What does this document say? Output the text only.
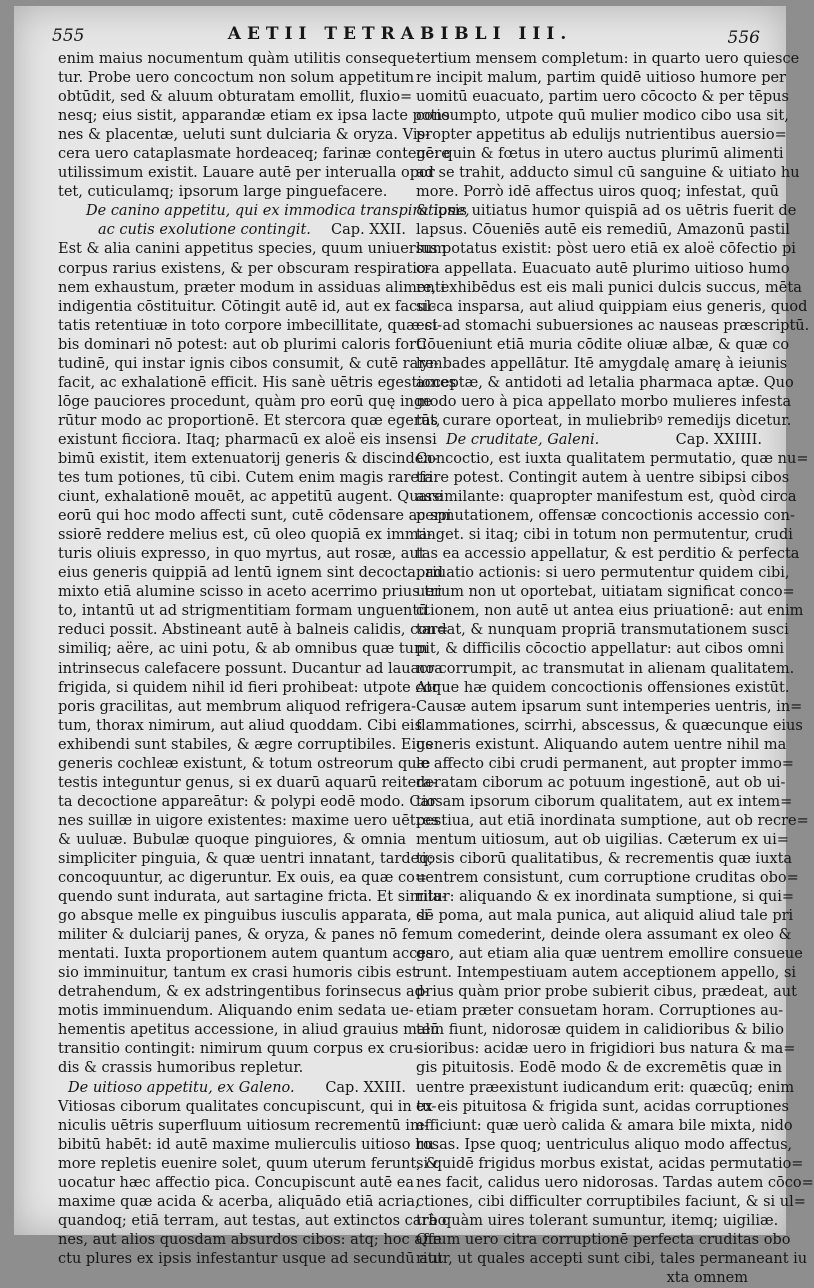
555	AETII TETRABIBLI III.	556
enim maius nocumentum quàm utilitis conseque-
tur. Probe uero concoctum non solum appetitum
obtūdit, sed & aluum obturatam emollit, fluxio=
nesq; eius sistit, apparandæ etiam ex ipsa lacte potio
nes & placentæ, ueluti sunt dulciaria & oryza. Vis-
cera uero cataplasmate hordeaceq; farinæ contegere
utilissimum existit. Lauare autē per interualla opor
tet, cuticulamq; ipsorum large pinguefacere.
De canino appetitu, qui ex immodica transpiratione,
ac cutis exolutione contingit. Cap. XXII.
Est & alia canini appetitus species, quum uniuersum
corpus rarius existens, & per obscuram respiratio-
nem exhaustum, præter modum in assiduas alimenti
indigentia cōstituitur. Cōtingit autē id, aut ex facul-
tatis retentiuæ in toto corpore imbecillitate, quæ ci-
bis dominari nō potest: aut ob plurimi caloris forti
tudinē, qui instar ignis cibos consumit, & cutē rare-
facit, ac exhalationē efficit. His sanè uētris egestiones
lōge pauciores procedunt, quàm pro eorū quę inge
rūtur modo ac proportionē. Et stercora quæ egerūt,
existunt ficciora. Itaq; pharmacū ex aloë eis insensi
bimū existit, item extenuatorij generis & discinden-
tes tum potiones, tū cibi. Cutem enim magis rarefa
ciunt, exhalationē mouēt, ac appetitū augent. Quare
eorū qui hoc modo affecti sunt, cutē cōdensare ac spi
ssiorē reddere melius est, cū oleo quopiā ex imma-
turis oliuis expresso, in quo myrtus, aut rosæ, aut
eius generis quippiā ad lentū ignem sint decocta, ad
mixto etiā alumine scisso in aceto acerrimo prius tri
to, intantū ut ad strigmentitiam formam unguentū
reduci possit. Abstineant autē à balneis calidis, con=
similiq; aëre, ac uini potu, & ab omnibus quæ tum
intrinsecus calefacere possunt. Ducantur ad lauacra
frigida, si quidem nihil id fieri prohibeat: utpote cor
poris gracilitas, aut membrum aliquod refrigera-
tum, thorax nimirum, aut aliud quoddam. Cibi eis
exhibendi sunt stabiles, & ægre corruptibiles. Eius
generis cochleæ existunt, & totum ostreorum quæ
testis integuntur genus, si ex duarū aquarū reitera-
ta decoctione appareātur: & polypi eodē modo. Car
nes suillæ in uigore existentes: maxime uero uētres
& uuluæ. Bubulæ quoque pinguiores, & omnia
simpliciter pinguia, & quæ uentri innatant, tardeq;
concoquuntur, ac digeruntur. Ex ouis, ea quæ co=
quendo sunt indurata, aut sartagine fricta. Et simila-
go absque melle ex pinguibus iusculis apparata, si-
militer & dulciarij panes, & oryza, & panes nō fer
mentati. Iuxta proportionem autem quantum acces
sio imminuitur, tantum ex crasi humoris cibis est
detrahendum, & ex adstringentibus forinsecus ad-
motis imminuendum. Aliquando enim sedata ue-
hementis apetitus accessione, in aliud grauius malū
transitio contingit: nimirum quum corpus ex cru-
dis & crassis humoribus repletur.
De uitioso appetitu, ex Galeno. Cap. XXIII.
Vitiosas ciborum qualitates concupiscunt, qui in tu-
niculis uētris superfluum uitiosum recrementū im-
bibitū habēt: id autē maxime mulierculis uitioso hu
more repletis euenire solet, quum uterum ferunt, &
uocatur hæc affectio pica. Concupiscunt autē ea
maxime quæ acida & acerba, aliquādo etiā acria,
quandoq; etiā terram, aut testas, aut extinctos carbo
nes, aut alios quosdam absurdos cibos: atq; hoc affe
ctu plures ex ipsis infestantur usque ad secundū aut
tertium mensem completum: in quarto uero quiesce
re incipit malum, partim quidē uitioso humore per
uomitū euacuato, partim uero cōcocto & per tēpus
consumpto, utpote quū mulier modico cibo usa sit,
propter appetitus ab edulijs nutrientibus auersio=
nē: quin & fœtus in utero auctus plurimū alimenti
ad se trahit, adducto simul cū sanguine & uitiato hu
more. Porrò idē affectus uiros quoq; infestat, quū
& ipsis uitiatus humor quispiā ad os uētris fuerit de
lapsus. Cōueniēs autē eis remediū, Amazonū pastil
lus potatus existit: pòst uero etiā ex aloë cōfectio pi
cra appellata. Euacuato autē plurimo uitioso humo
re, exhibēdus est eis mali punici dulcis succus, mēta
sicca insparsa, aut aliud quippiam eius generis, quod
est ad stomachi subuersiones ac nauseas præscriptū.
Cōueniunt etiā muria cōdite oliuæ albæ, & quæ co
lymbades appellātur. Itē amygdalę amarę à ieiunis
acceptæ, & antidoti ad letalia pharmaca aptæ. Quo
modo uero à pica appellato morbo mulieres infesta
tas curare oporteat, in muliebribꝰ remedijs dicetur.
De cruditate, Galeni.	Cap. XXIIII.
Concoctio, est iuxta qualitatem permutatio, quæ nu=
trire potest. Contingit autem à uentre sibipsi cibos
assimilante: quapropter manifestum est, quòd circa
permutationem, offensæ concoctionis accessio con-
tinget. si itaq; cibi in totum non permutentur, crudi
tas ea accessio appellatur, & est perditio & perfecta
priuatio actionis: si uero permutentur quidem cibi,
uerum non ut oportebat, uitiatam significat conco=
ctionem, non autē ut antea eius priuationē: aut enim
tardat, & nunquam propriā transmutationem susci
pit, & difficilis cōcoctio appellatur: aut cibos omni
no corrumpit, ac transmutat in alienam qualitatem.
Atque hæ quidem concoctionis offensiones existūt.
Causæ autem ipsarum sunt intemperies uentris, in=
flammationes, scirrhi, abscessus, & quæcunque eius
generis existunt. Aliquando autem uentre nihil ma
le affecto cibi crudi permanent, aut propter immo=
deratam ciborum ac potuum ingestionē, aut ob ui-
tiosam ipsorum ciborum qualitatem, aut ex intem=
pestiua, aut etiā inordinata sumptione, aut ob recre=
mentum uitiosum, aut ob uigilias. Cæterum ex ui=
tiosis ciborū qualitatibus, & recrementis quæ iuxta
uentrem consistunt, cum corruptione cruditas obo=
ritur: aliquando & ex inordinata sumptione, si qui=
dē poma, aut mala punica, aut aliquid aliud tale pri
mum comederint, deinde olera assumant ex oleo &
garo, aut etiam alia quæ uentrem emollire consueue
runt. Intempestiuam autem acceptionem appello, si
prius quàm prior probe subierit cibus, prædeat, aut
etiam præter consuetam horam. Corruptiones au-
tem fiunt, nidorosæ quidem in calidioribus & bilio
sioribus: acidæ uero in frigidiori bus natura & ma=
gis pituitosis. Eodē modo & de excremētis quæ in
uentre præexistunt iudicandum erit: quæcūq; enim
ex eis pituitosa & frigida sunt, acidas corruptiones
efficiunt: quæ uerò calida & amara bile mixta, nido
rosas. Ipse quoq; uentriculus aliquo modo affectus,
si quidē frigidus morbus existat, acidas permutatio=
nes facit, calidus uero nidorosas. Tardas autem cōco=
ctiones, cibi difficulter corruptibiles faciunt, & si ul=
trà quàm uires tolerant sumuntur, itemq; uigiliæ.
Quum uero citra corruptionē perfecta cruditas obo
ritur, ut quales accepti sunt cibi, tales permaneant iu
xta omnem
